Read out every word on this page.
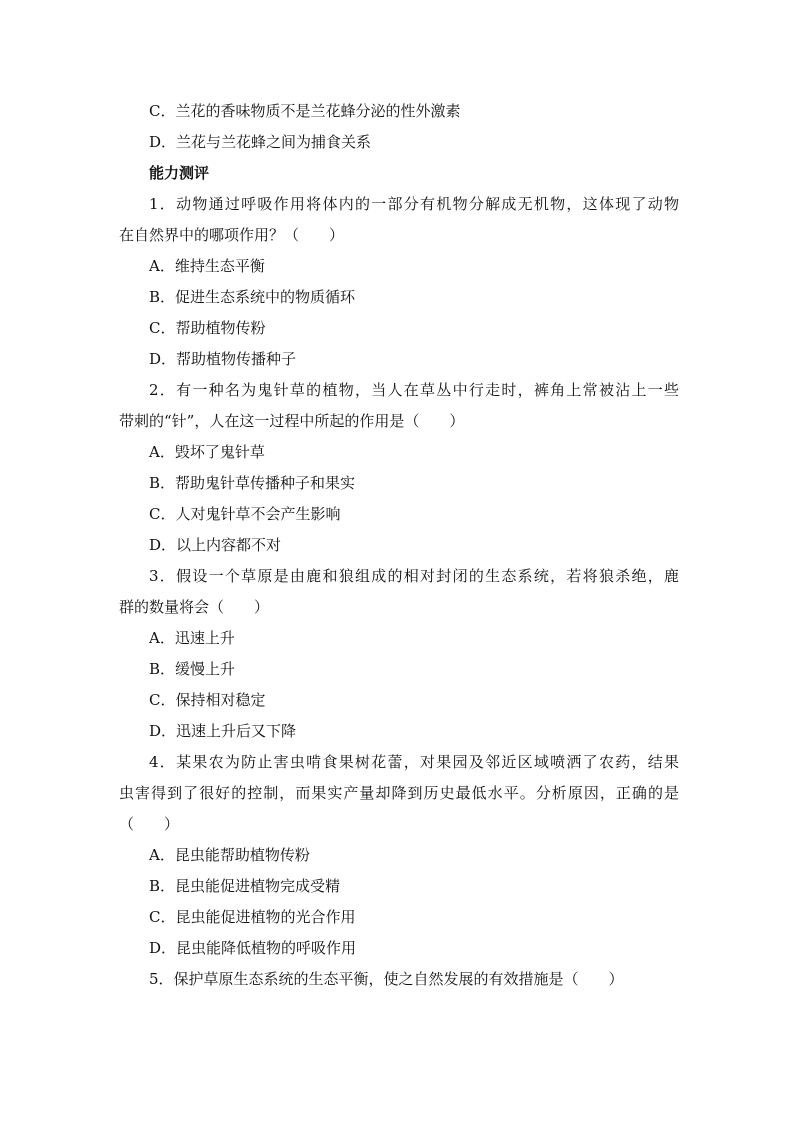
C．兰花的香味物质不是兰花蜂分泌的性外激素
D．兰花与兰花蜂之间为捕食关系
能力测评
1．动物通过呼吸作用将体内的一部分有机物分解成无机物，这体现了动物
在自然界中的哪项作用？（　　）
A．维持生态平衡
B．促进生态系统中的物质循环
C．帮助植物传粉
D．帮助植物传播种子
2．有一种名为鬼针草的植物，当人在草丛中行走时，裤角上常被沾上一些
带刺的“针”，人在这一过程中所起的作用是（　　）
A．毁坏了鬼针草
B．帮助鬼针草传播种子和果实
C．人对鬼针草不会产生影响
D．以上内容都不对
3．假设一个草原是由鹿和狼组成的相对封闭的生态系统，若将狼杀绝，鹿
群的数量将会（　　）
A．迅速上升
B．缓慢上升
C．保持相对稳定
D．迅速上升后又下降
4．某果农为防止害虫啃食果树花蕾，对果园及邻近区域喷洒了农药，结果
虫害得到了很好的控制，而果实产量却降到历史最低水平。分析原因，正确的是
（　　）
A．昆虫能帮助植物传粉
B．昆虫能促进植物完成受精
C．昆虫能促进植物的光合作用
D．昆虫能降低植物的呼吸作用
5．保护草原生态系统的生态平衡，使之自然发展的有效措施是（　　）
